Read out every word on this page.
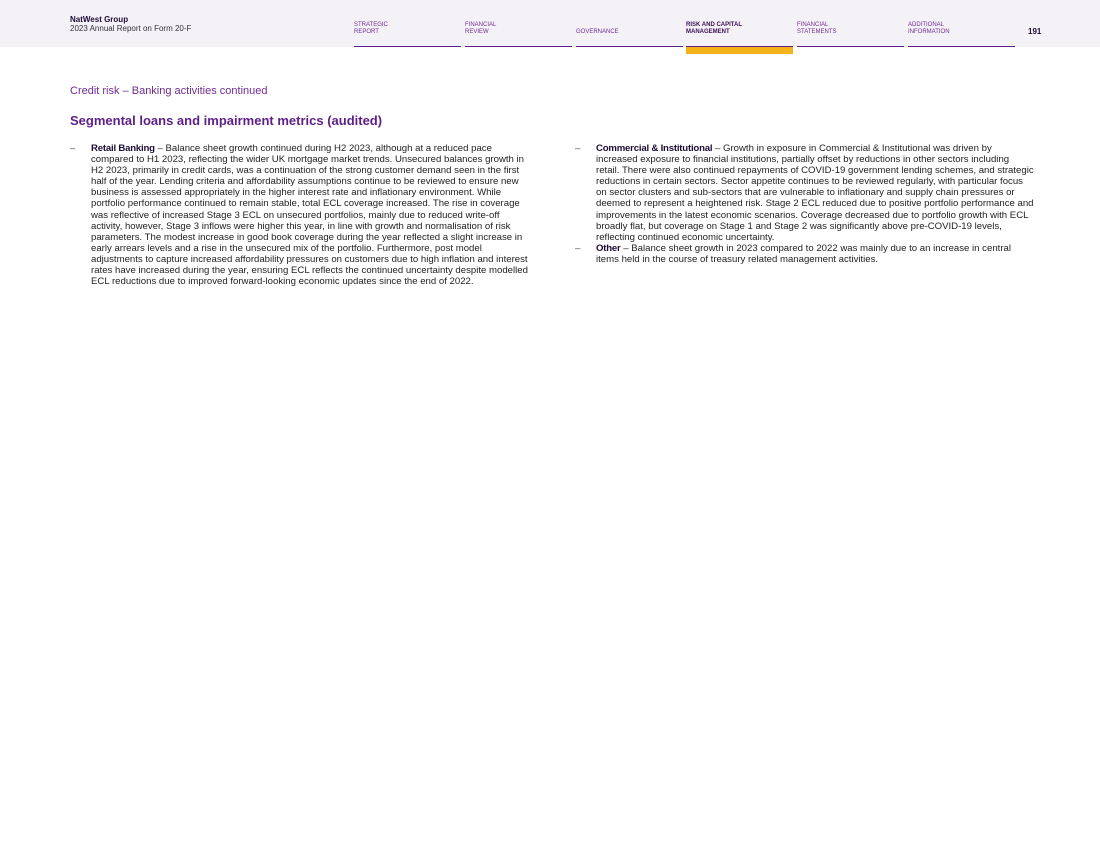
NatWest Group
2023 Annual Report on Form 20-F	STRATEGIC
REPORT
FINANCIAL
REVIEW	GOVERNANCE
RISK AND CAPITAL
MANAGEMENT
FINANCIAL
STATEMENTS
ADDITIONAL
INFORMATION	191
Credit risk – Banking activities continued
Segmental loans and impairment metrics (audited)

– Retail Banking – Balance sheet growth continued during H2 2023, although at a reduced pace compared to H1 2023, reflecting the wider UK mortgage market trends. Unsecured balances growth in H2 2023, primarily in credit cards, was a continuation of the strong customer demand seen in the first half of the year. Lending criteria and affordability assumptions continue to be reviewed to ensure new business is assessed appropriately in the higher interest rate and inflationary environment. While portfolio performance continued to remain stable, total ECL coverage increased. The rise in coverage was reflective of increased Stage 3 ECL on unsecured portfolios, mainly due to reduced write-off activity, however, Stage 3 inflows were higher this year, in line with growth and normalisation of risk parameters. The modest increase in good book coverage during the year reflected a slight increase in early arrears levels and a rise in the unsecured mix of the portfolio. Furthermore, post model adjustments to capture increased affordability pressures on customers due to high inflation and interest rates have increased during the year, ensuring ECL reflects the continued uncertainty despite modelled ECL reductions due to improved forward-looking economic updates since the end of 2022.

– Commercial & Institutional – Growth in exposure in Commercial & Institutional was driven by increased exposure to financial institutions, partially offset by reductions in other sectors including retail. There were also continued repayments of COVID-19 government lending schemes, and strategic reductions in certain sectors. Sector appetite continues to be reviewed regularly, with particular focus on sector clusters and sub-sectors that are vulnerable to inflationary and supply chain pressures or deemed to represent a heightened risk. Stage 2 ECL reduced due to positive portfolio performance and improvements in the latest economic scenarios. Coverage decreased due to portfolio growth with ECL broadly flat, but coverage on Stage 1 and Stage 2 was significantly above pre-COVID-19 levels, reflecting continued economic uncertainty.

– Other – Balance sheet growth in 2023 compared to 2022 was mainly due to an increase in central items held in the course of treasury related management activities.
